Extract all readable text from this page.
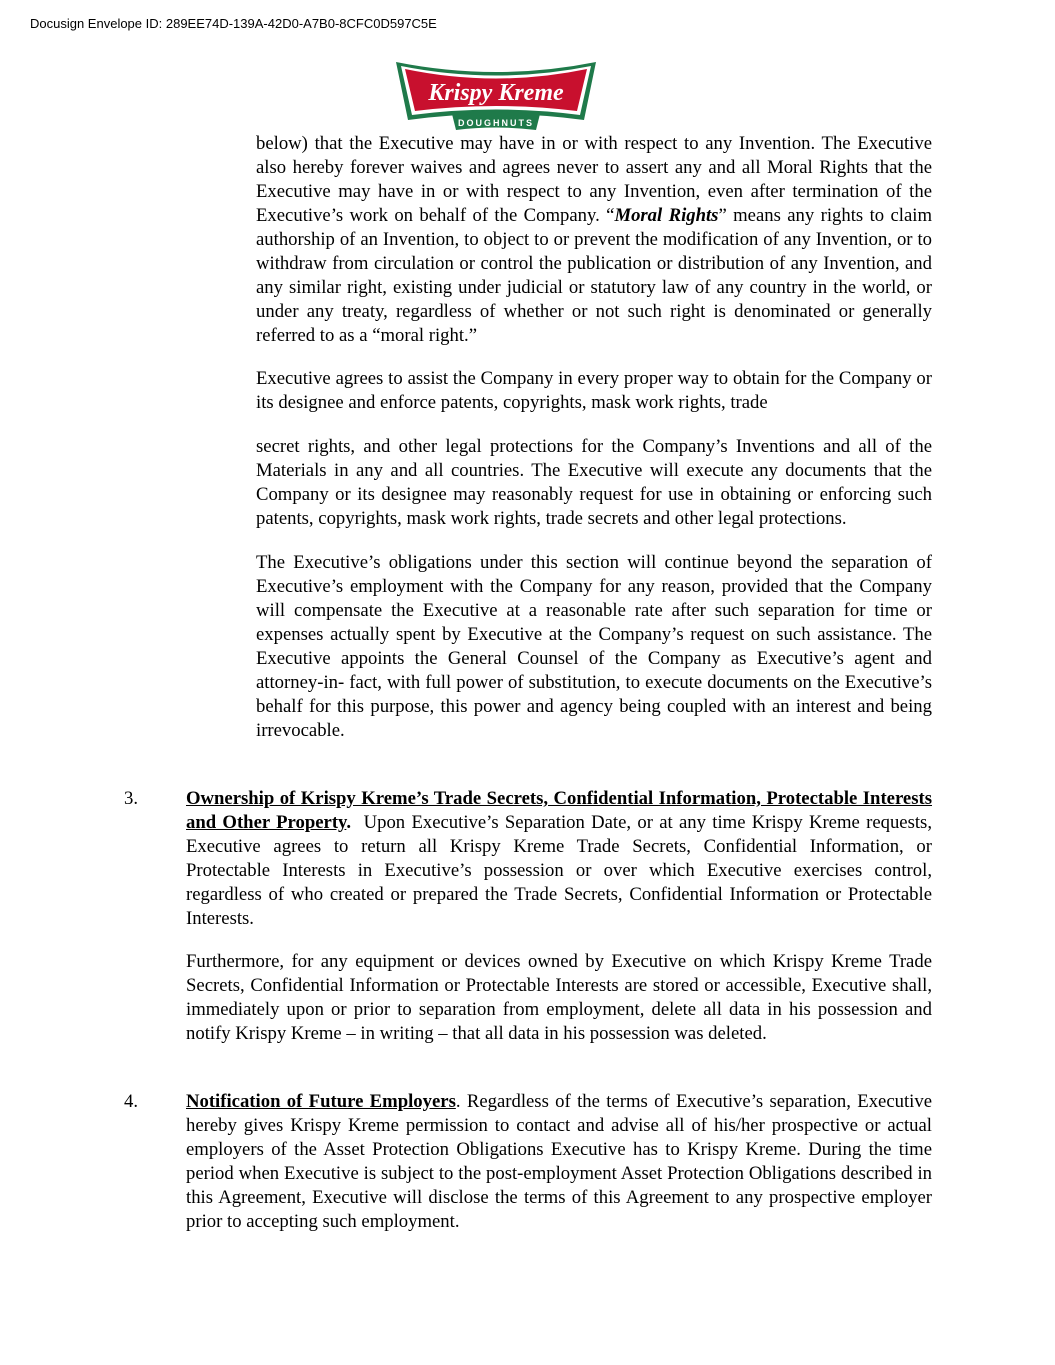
Docusign Envelope ID: 289EE74D-139A-42D0-A7B0-8CFC0D597C5E
Krispy Kreme
DOUGHNUTS

below) that the Executive may have in or with respect to any Invention. The Executive also hereby forever waives and agrees never to assert any and all Moral Rights that the Executive may have in or with respect to any Invention, even after termination of the Executive’s work on behalf of the Company. “Moral Rights” means any rights to claim authorship of an Invention, to object to or prevent the modification of any Invention, or to withdraw from circulation or control the publication or distribution of any Invention, and any similar right, existing under judicial or statutory law of any country in the world, or under any treaty, regardless of whether or not such right is denominated or generally referred to as a “moral right.”

Executive agrees to assist the Company in every proper way to obtain for the Company or its designee and enforce patents, copyrights, mask work rights, trade

secret rights, and other legal protections for the Company’s Inventions and all of the Materials in any and all countries. The Executive will execute any documents that the Company or its designee may reasonably request for use in obtaining or enforcing such patents, copyrights, mask work rights, trade secrets and other legal protections.

The Executive’s obligations under this section will continue beyond the separation of Executive’s employment with the Company for any reason, provided that the Company will compensate the Executive at a reasonable rate after such separation for time or expenses actually spent by Executive at the Company’s request on such assistance. The Executive appoints the General Counsel of the Company as Executive’s agent and attorney-in- fact, with full power of substitution, to execute documents on the Executive’s behalf for this purpose, this power and agency being coupled with an interest and being irrevocable.

3.	Ownership of Krispy Kreme’s Trade Secrets, Confidential Information, Protectable Interests and Other Property. Upon Executive’s Separation Date, or at any time Krispy Kreme requests, Executive agrees to return all Krispy Kreme Trade Secrets, Confidential Information, or Protectable Interests in Executive’s possession or over which Executive exercises control, regardless of who created or prepared the Trade Secrets, Confidential Information or Protectable Interests.

Furthermore, for any equipment or devices owned by Executive on which Krispy Kreme Trade Secrets, Confidential Information or Protectable Interests are stored or accessible, Executive shall, immediately upon or prior to separation from employment, delete all data in his possession and notify Krispy Kreme – in writing – that all data in his possession was deleted.

4.	Notification of Future Employers. Regardless of the terms of Executive’s separation, Executive hereby gives Krispy Kreme permission to contact and advise all of his/her prospective or actual employers of the Asset Protection Obligations Executive has to Krispy Kreme. During the time period when Executive is subject to the post-employment Asset Protection Obligations described in this Agreement, Executive will disclose the terms of this Agreement to any prospective employer prior to accepting such employment.
